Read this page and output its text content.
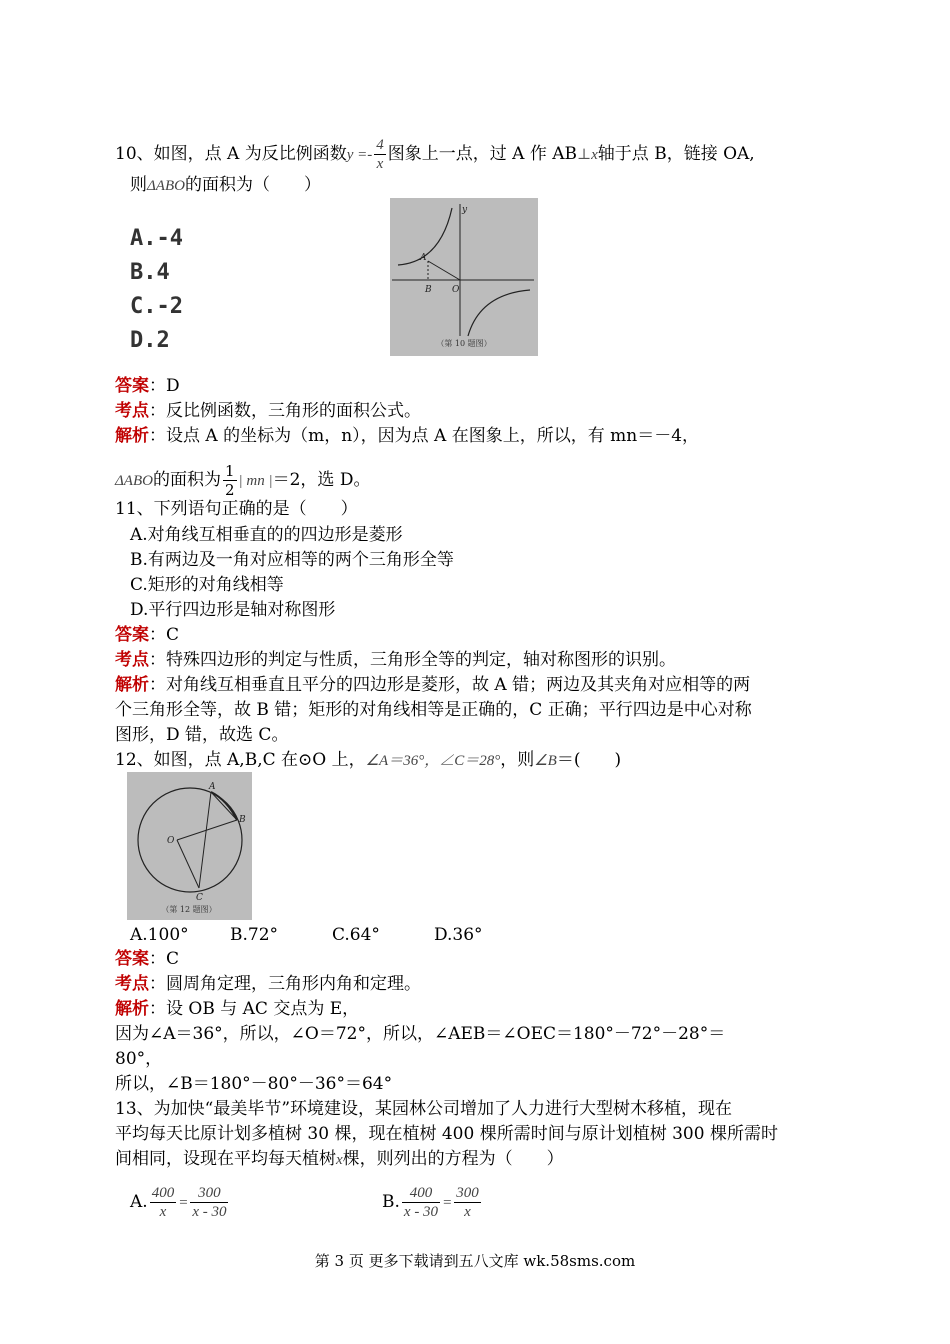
10、如图，点 A 为反比例函数$y =- \frac{4}{x}$ 图象上一点，过 A 作 AB⊥x轴于点 B，链接 OA,
则ΔABO的面积为（　　）
A.-4
B.4
C.-2
D.2
y
A
B O
（第 10 题图）
答案：D
考点：反比例函数，三角形的面积公式。
解析：设点 A 的坐标为（m，n），因为点 A 在图象上，所以，有 mn＝－4，
ΔABO的面积为 $\frac{1}{2}$ | mn |＝2，选 D。
11、下列语句正确的是（　　）
A.对角线互相垂直的的四边形是菱形
B.有两边及一角对应相等的两个三角形全等
C.矩形的对角线相等
D.平行四边形是轴对称图形
答案：C
考点：特殊四边形的判定与性质，三角形全等的判定，轴对称图形的识别。
解析：对角线互相垂直且平分的四边形是菱形，故 A 错；两边及其夹角对应相等的两
个三角形全等，故 B 错；矩形的对角线相等是正确的，C 正确；平行四边是中心对称
图形，D 错，故选 C。
12、如图，点 A,B,C 在⊙O 上，∠A＝36°，∠C＝28°，则∠B＝(　　)
A
B
O
C
（第 12 题图）
A.100° B.72°	C.64°	D.36°
答案：C
考点：圆周角定理，三角形内角和定理。
解析：设 OB 与 AC 交点为 E，
因为∠A＝36°，所以，∠O＝72°，所以，∠AEB＝∠OEC＝180°－72°－28°＝
80°，
所以，∠B＝180°－80°－36°＝64°
13、为加快“最美毕节”环境建设，某园林公司增加了人力进行大型树木移植，现在
平均每天比原计划多植树 30 棵，现在植树 400 棵所需时间与原计划植树 300 棵所需时
间相同，设现在平均每天植树x棵，则列出的方程为（　　）
A. $\frac{400}{x} = \frac{300}{x - 30}$	B. $\frac{400}{x - 30} = \frac{300}{x}$
第 3 页 更多下载请到五八文库 wk.58sms.com
